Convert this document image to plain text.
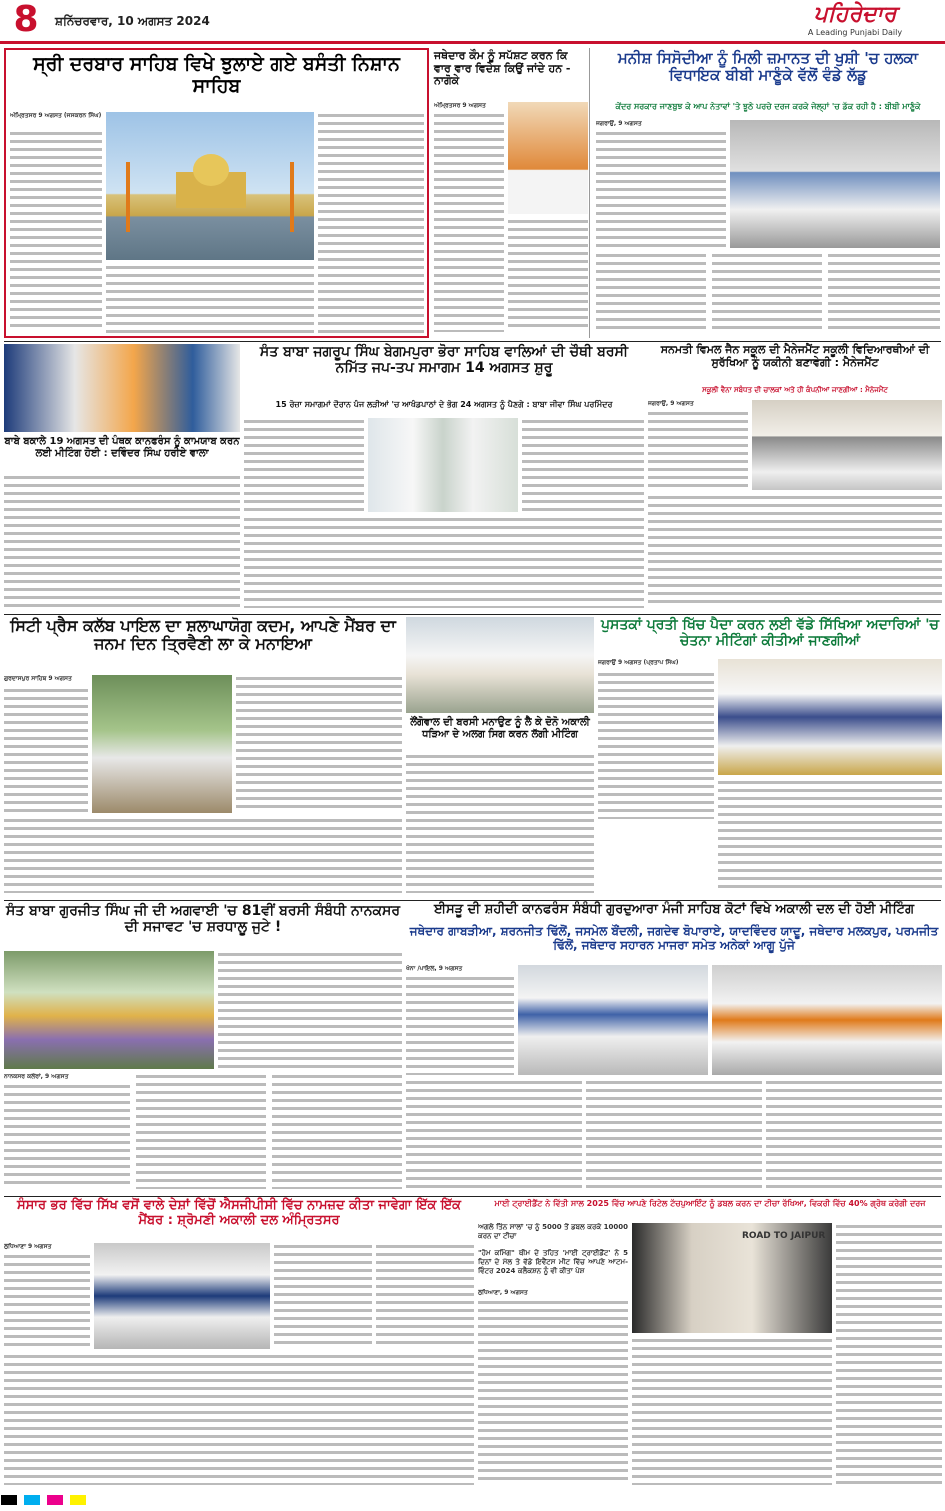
8	ਸ਼ਨਿੱਚਰਵਾਰ, 10 ਅਗਸਤ 2024	ਪਹਿਰੇਦਾਰ
A Leading Punjabi Daily
ਸ੍ਰੀ ਦਰਬਾਰ ਸਾਹਿਬ ਵਿਖੇ ਝੁਲਾਏ ਗਏ ਬਸੰਤੀ ਨਿਸ਼ਾਨ ਸਾਹਿਬ
ਅੰਮ੍ਰਿਤਸਰ 9 ਅਗਸਤ (ਜਸਕਰਨ ਸਿੰਘ)
ਜਥੇਦਾਰ ਕੌਮ ਨੂੰ ਸਪੱਸ਼ਟ ਕਰਨ ਕਿ ਵਾਰ ਵਾਰ ਵਿਦੇਸ਼ ਕਿਉਂ ਜਾਂਦੇ ਹਨ - ਨਾਗੋਕੇ
ਅੰਮ੍ਰਿਤਸਰ 9 ਅਗਸਤ
ਮਨੀਸ਼ ਸਿਸੋਦੀਆ ਨੂੰ ਮਿਲੀ ਜ਼ਮਾਨਤ ਦੀ ਖੁਸ਼ੀ 'ਚ ਹਲਕਾ ਵਿਧਾਇਕ ਬੀਬੀ ਮਾਣੂੰਕੇ ਵੱਲੋਂ ਵੰਡੇ ਲੱਡੂ
ਕੇਂਦਰ ਸਰਕਾਰ ਜਾਣਬੁਝ ਕੇ ਆਪ ਨੇਤਾਵਾਂ 'ਤੇ ਝੂਠੇ ਪਰਚੇ ਦਰਜ ਕਰਕੇ ਜੇਲ੍ਹਾਂ 'ਚ ਡੱਕ ਰਹੀ ਹੈ : ਬੀਬੀ ਮਾਣੂੰਕੇ
ਜਗਰਾਉਂ, 9 ਅਗਸਤ
ਬਾਬੇ ਬਕਾਲੇ 19 ਅਗਸਤ ਦੀ ਪੰਥਕ ਕਾਨਫਰੰਸ ਨੂੰ ਕਾਮਯਾਬ ਕਰਨ ਲਈ ਮੀਟਿੰਗ ਹੋਈ : ਦਵਿੰਦਰ ਸਿੰਘ ਹਰੀਏ ਵਾਲਾ
ਸੰਤ ਬਾਬਾ ਜਗਰੂਪ ਸਿੰਘ ਬੇਗਮਪੁਰਾ ਭੋਰਾ ਸਾਹਿਬ ਵਾਲਿਆਂ ਦੀ ਚੌਥੀ ਬਰਸੀ ਨਮਿੱਤ ਜਪ-ਤਪ ਸਮਾਗਮ 14 ਅਗਸਤ ਸ਼ੁਰੂ
15 ਰੋਜ਼ਾ ਸਮਾਗਮਾਂ ਦੌਰਾਨ ਪੰਜ ਲੜੀਆਂ 'ਚ ਆਖੰਡਪਾਠਾਂ ਦੇ ਭੋਗ 24 ਅਗਸਤ ਨੂੰ ਪੈਣਗੇ : ਬਾਬਾ ਜੀਵਾ ਸਿੰਘ ਪਰਮਿੰਦਰ
ਸਨਮਤੀ ਵਿਮਲ ਜੈਨ ਸਕੂਲ ਦੀ ਮੈਨੇਜਮੈਂਟ ਸਕੂਲੀ ਵਿਦਿਆਰਥੀਆਂ ਦੀ ਸੁਰੱਖਿਆ ਨੂੰ ਯਕੀਨੀ ਬਣਾਵੇਗੀ : ਮੈਨੇਜਮੈਂਟ
ਸਕੂਲੀ ਵੈਨਾ ਸਬੰਧਤ ਦੀ ਚਾਲਕਾਂ ਅਤੇ ਹੀ ਕੰਪਨੀਆਂ ਜਾਣਗੀਆਂ : ਮੈਨੇਜਮੈਂਟ
ਜਗਰਾਉਂ, 9 ਅਗਸਤ
ਸਿਟੀ ਪ੍ਰੈਸ ਕਲੱਬ ਪਾਇਲ ਦਾ ਸ਼ਲਾਘਾਯੋਗ ਕਦਮ, ਆਪਣੇ ਮੈਂਬਰ ਦਾ ਜਨਮ ਦਿਨ ਤ੍ਰਿਵੈਣੀ ਲਾ ਕੇ ਮਨਾਇਆ
ਗੁਰਦਾਸਪੁਰ ਸਾਹਿਬ 9 ਅਗਸਤ
ਲੌਂਗੋਵਾਲ ਦੀ ਬਰਸੀ ਮਨਾਉਣ ਨੂੰ ਲੈ ਕੇ ਦੋਨੋ ਅਕਾਲੀ ਧੜਿਆ ਦੇ ਅਲਗ ਸਿਗ ਕਰਨ ਲੱਗੀ ਮੀਟਿੰਗ
ਪੁਸਤਕਾਂ ਪ੍ਰਤੀ ਖਿੱਚ ਪੈਦਾ ਕਰਨ ਲਈ ਵੱਡੇ ਸਿੱਖਿਆ ਅਦਾਰਿਆਂ 'ਚ ਚੇਤਨਾ ਮੀਟਿੰਗਾਂ ਕੀਤੀਆਂ ਜਾਣਗੀਆਂ
ਜਗਰਾਉਂ 9 ਅਗਸਤ (ਪ੍ਰਤਾਪ ਸਿੰਘ)
ਸੰਤ ਬਾਬਾ ਗੁਰਜੀਤ ਸਿੰਘ ਜੀ ਦੀ ਅਗਵਾਈ 'ਚ 81ਵੀਂ ਬਰਸੀ ਸੰਬੰਧੀ ਨਾਨਕਸਰ ਦੀ ਸਜਾਵਟ 'ਚ ਸ਼ਰਧਾਲੂ ਜੁਟੇ !
ਨਾਨਕਸਰ ਕਲੇਰਾਂ, 9 ਅਗਸਤ
ਈਸੜੂ ਦੀ ਸ਼ਹੀਦੀ ਕਾਨਫਰੰਸ ਸੰਬੰਧੀ ਗੁਰਦੁਆਰਾ ਮੰਜੀ ਸਾਹਿਬ ਕੋਟਾਂ ਵਿਖੇ ਅਕਾਲੀ ਦਲ ਦੀ ਹੋਈ ਮੀਟਿੰਗ
ਜਥੇਦਾਰ ਗਾਬੜੀਆ, ਸ਼ਰਨਜੀਤ ਢਿੱਲੋਂ, ਜਸਮੇਲ ਬੌਂਦਲੀ, ਜਗਦੇਵ ਬੋਪਾਰਾਏ, ਯਾਦਵਿੰਦਰ ਯਾਦੂ, ਜਥੇਦਾਰ ਮਲਕਪੁਰ, ਪਰਮਜੀਤ ਢਿੱਲੋਂ, ਜਥੇਦਾਰ ਸਹਾਰਨ ਮਾਜਰਾ ਸਮੇਤ ਅਨੇਕਾਂ ਆਗੂ ਪੁੱਜੇ
ਖੰਨਾ /ਪਾਇਲ, 9 ਅਗਸਤ
ਸੰਸਾਰ ਭਰ ਵਿੱਚ ਸਿੱਖ ਵਸੋਂ ਵਾਲੇ ਦੇਸ਼ਾਂ ਵਿੱਚੋਂ ਐਸਜੀਪੀਸੀ ਵਿੱਚ ਨਾਮਜ਼ਦ ਕੀਤਾ ਜਾਵੇਗਾ ਇੱਕ ਇੱਕ ਮੈਂਬਰ : ਸ਼੍ਰੋਮਣੀ ਅਕਾਲੀ ਦਲ ਅੰਮ੍ਰਿਤਸਰ
ਲੁਧਿਆਣਾ 9 ਅਗਸਤ
ਮਾਈ ਟ੍ਰਾਈਡੈਂਟ ਨੇ ਵਿੱਤੀ ਸਾਲ 2025 ਵਿੱਚ ਆਪਣੇ ਰਿਟੇਲ ਟੱਚਪੁਆਇੰਟ ਨੂੰ ਡਬਲ ਕਰਨ ਦਾ ਟੀਚਾ ਰੱਖਿਆ, ਵਿਕਰੀ ਵਿੱਚ 40% ਗ੍ਰੋਥ ਕਰੇਗੀ ਦਰਜ
ਅਗਲੇ ਤਿੰਨ ਸਾਲਾਂ 'ਚ ਨੂੰ 5000 ਤੋਂ ਡਬਲ ਕਰਕੇ 10000 ਕਰਨ ਦਾ ਟੀਚਾ
"ਹੋਮ ਕਮਿੰਗ" ਥੀਮ ਦੇ ਤਹਿਤ 'ਮਾਈ ਟ੍ਰਾਈਡੈਂਟ' ਨੇ 5 ਦਿਨਾਂ ਦੇ ਮੱਲ ਤੇ ਵੱਡੇ ਇਵੈਂਟਸ ਮੀਟ ਵਿੱਚ ਆਪਣੇ ਆਟਮ-ਵਿੰਟਰ 2024 ਕਲੈਕਸ਼ਨ ਨੂੰ ਵੀ ਕੀਤਾ ਪੇਸ਼
ਲੁਧਿਆਣਾ, 9 ਅਗਸਤ
ROAD TO JAIPUR
